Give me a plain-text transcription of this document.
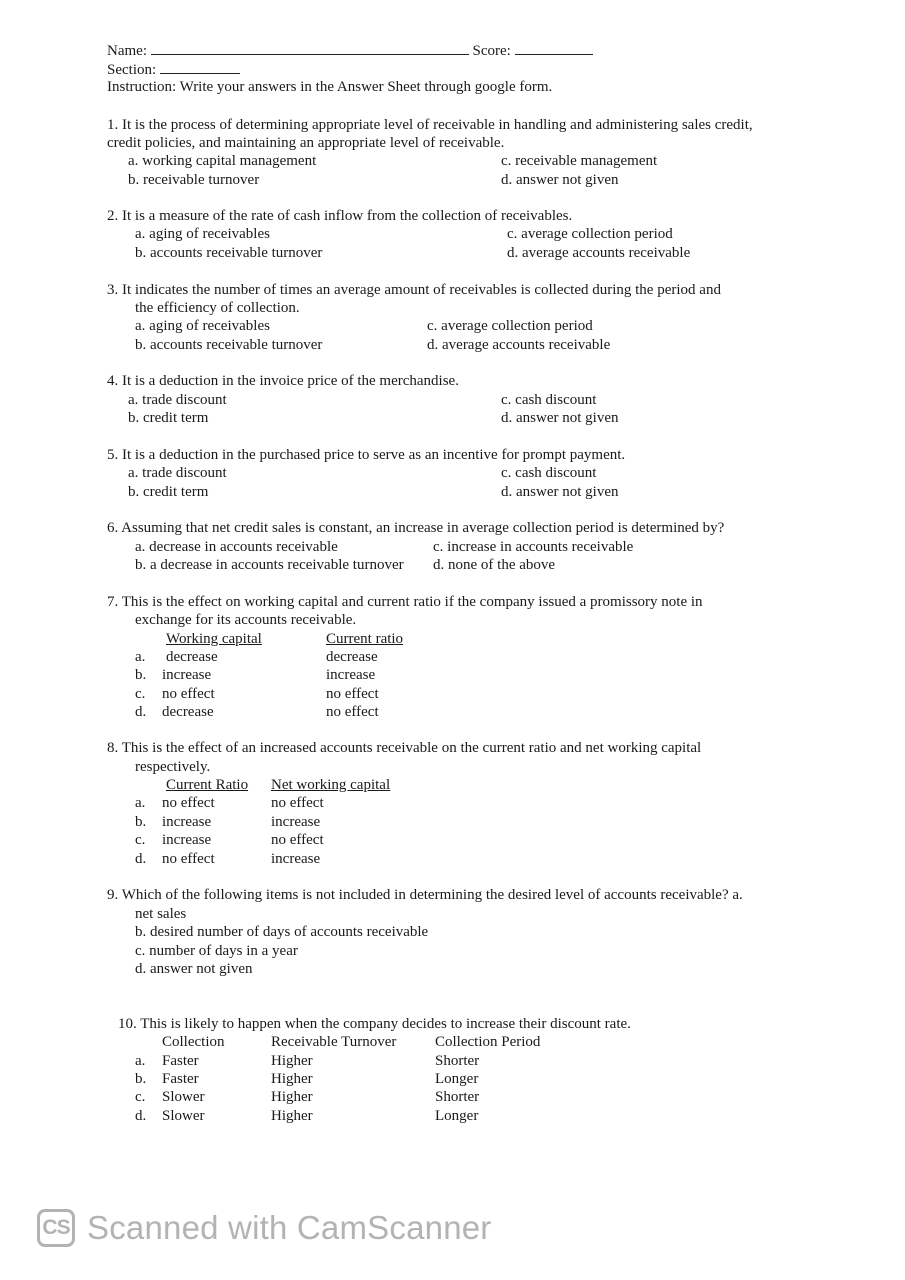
Name:	Score:
Section:
Instruction: Write your answers in the Answer Sheet through google form.
1. It is the process of determining appropriate level of receivable in handling and administering sales credit,
credit policies, and maintaining an appropriate level of receivable.
a. working capital management	c. receivable management
b. receivable turnover	d. answer not given
2. It is a measure of the rate of cash inflow from the collection of receivables.
a. aging of receivables	c. average collection period
b. accounts receivable turnover	d. average accounts receivable
3. It indicates the number of times an average amount of receivables is collected during the period and
the efficiency of collection.
a. aging of receivables	c. average collection period
b. accounts receivable turnover	d. average accounts receivable
4. It is a deduction in the invoice price of the merchandise.
a. trade discount	c. cash discount
b. credit term	d. answer not given
5. It is a deduction in the purchased price to serve as an incentive for prompt payment.
a. trade discount	c. cash discount
b. credit term	d. answer not given
6. Assuming that net credit sales is constant, an increase in average collection period is determined by?
a. decrease in accounts receivable	c. increase in accounts receivable
b. a decrease in accounts receivable turnover d. none of the above
7. This is the effect on working capital and current ratio if the company issued a promissory note in
exchange for its accounts receivable.
Working capital	Current ratio
a. decrease	decrease
b. increase	increase
c. no effect	no effect
d. decrease	no effect
8. This is the effect of an increased accounts receivable on the current ratio and net working capital
respectively.
Current Ratio Net working capital
a. no effect	no effect
b. increase	increase
c. increase	no effect
d. no effect	increase
9. Which of the following items is not included in determining the desired level of accounts receivable? a.
net sales
b. desired number of days of accounts receivable
c. number of days in a year
d. answer not given
10. This is likely to happen when the company decides to increase their discount rate.
Collection	Receivable Turnover	Collection Period
a. Faster	Higher	Shorter
b. Faster	Higher	Longer
c. Slower	Higher	Shorter
d. Slower	Higher	Longer
CS Scanned with CamScanner
